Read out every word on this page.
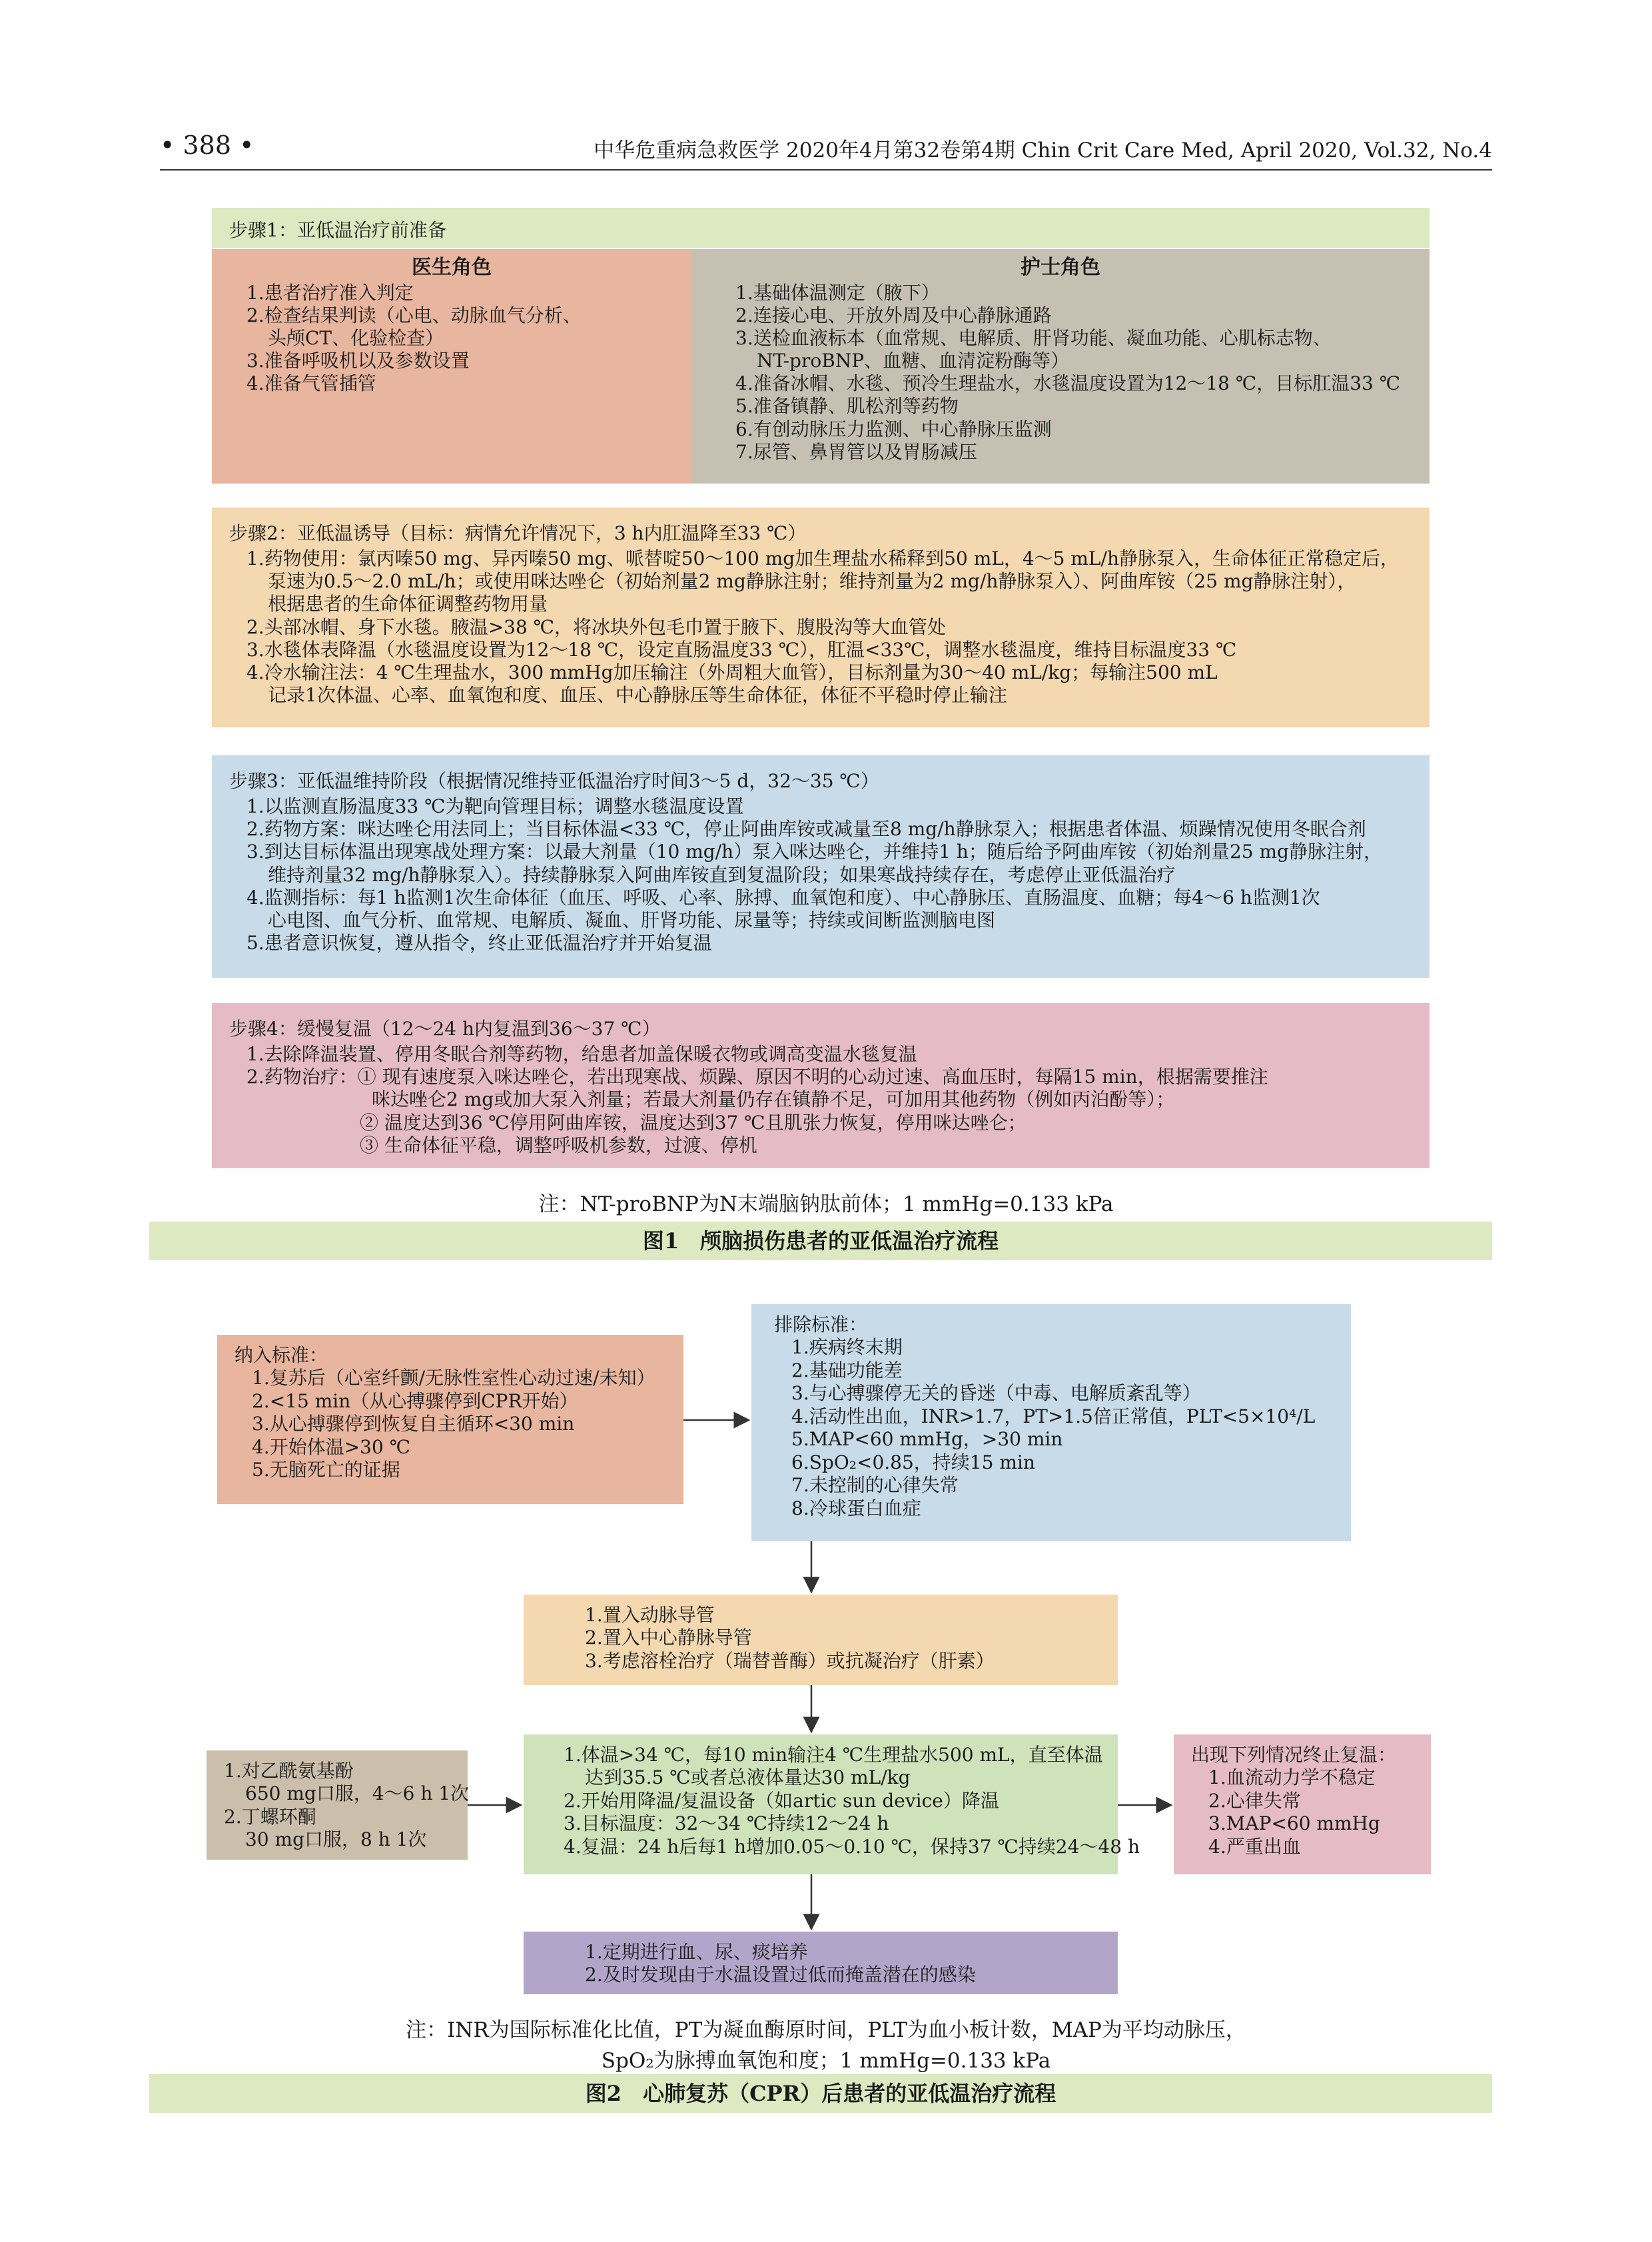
• 388 •	中华危重病急救医学 2020年4月第32卷第4期 Chin Crit Care Med, April 2020, Vol.32, No.4
步骤1：亚低温治疗前准备
医生角色
1.患者治疗准入判定
2.检查结果判读（心电、动脉血气分析、
头颅CT、化验检查）
3.准备呼吸机以及参数设置
4.准备气管插管
护士角色
1.基础体温测定（腋下）
2.连接心电、开放外周及中心静脉通路
3.送检血液标本（血常规、电解质、肝肾功能、凝血功能、心肌标志物、
NT-proBNP、血糖、血清淀粉酶等）
4.准备冰帽、水毯、预冷生理盐水，水毯温度设置为12～18 ℃，目标肛温33 ℃
5.准备镇静、肌松剂等药物
6.有创动脉压力监测、中心静脉压监测
7.尿管、鼻胃管以及胃肠减压
步骤2：亚低温诱导（目标：病情允许情况下，3 h内肛温降至33 ℃）
1.药物使用：氯丙嗪50 mg、异丙嗪50 mg、哌替啶50～100 mg加生理盐水稀释到50 mL，4～5 mL/h静脉泵入，生命体征正常稳定后，
泵速为0.5～2.0 mL/h；或使用咪达唑仑（初始剂量2 mg静脉注射；维持剂量为2 mg/h静脉泵入）、阿曲库铵（25 mg静脉注射），
根据患者的生命体征调整药物用量
2.头部冰帽、身下水毯。腋温>38 ℃，将冰块外包毛巾置于腋下、腹股沟等大血管处
3.水毯体表降温（水毯温度设置为12～18 ℃，设定直肠温度33 ℃），肛温<33℃，调整水毯温度，维持目标温度33 ℃
4.冷水输注法：4 ℃生理盐水，300 mmHg加压输注（外周粗大血管），目标剂量为30～40 mL/kg；每输注500 mL
记录1次体温、心率、血氧饱和度、血压、中心静脉压等生命体征，体征不平稳时停止输注
步骤3：亚低温维持阶段（根据情况维持亚低温治疗时间3～5 d，32～35 ℃）
1.以监测直肠温度33 ℃为靶向管理目标；调整水毯温度设置
2.药物方案：咪达唑仑用法同上；当目标体温<33 ℃，停止阿曲库铵或减量至8 mg/h静脉泵入；根据患者体温、烦躁情况使用冬眠合剂
3.到达目标体温出现寒战处理方案：以最大剂量（10 mg/h）泵入咪达唑仑，并维持1 h；随后给予阿曲库铵（初始剂量25 mg静脉注射，
维持剂量32 mg/h静脉泵入）。持续静脉泵入阿曲库铵直到复温阶段；如果寒战持续存在，考虑停止亚低温治疗
4.监测指标：每1 h监测1次生命体征（血压、呼吸、心率、脉搏、血氧饱和度）、中心静脉压、直肠温度、血糖；每4～6 h监测1次
心电图、血气分析、血常规、电解质、凝血、肝肾功能、尿量等；持续或间断监测脑电图
5.患者意识恢复，遵从指令，终止亚低温治疗并开始复温
步骤4：缓慢复温（12～24 h内复温到36～37 ℃）
1.去除降温装置、停用冬眠合剂等药物，给患者加盖保暖衣物或调高变温水毯复温
2.药物治疗：① 现有速度泵入咪达唑仑，若出现寒战、烦躁、原因不明的心动过速、高血压时，每隔15 min，根据需要推注
咪达唑仑2 mg或加大泵入剂量；若最大剂量仍存在镇静不足，可加用其他药物（例如丙泊酚等）；
② 温度达到36 ℃停用阿曲库铵，温度达到37 ℃且肌张力恢复，停用咪达唑仑；
③ 生命体征平稳，调整呼吸机参数，过渡、停机
注：NT-proBNP为N末端脑钠肽前体；1 mmHg=0.133 kPa
图1　颅脑损伤患者的亚低温治疗流程
纳入标准：
1.复苏后（心室纤颤/无脉性室性心动过速/未知）
2.<15 min（从心搏骤停到CPR开始）
3.从心搏骤停到恢复自主循环<30 min
4.开始体温>30 ℃
5.无脑死亡的证据
排除标准：
1.疾病终末期
2.基础功能差
3.与心搏骤停无关的昏迷（中毒、电解质紊乱等）
4.活动性出血，INR>1.7，PT>1.5倍正常值，PLT<5×10⁴/L
5.MAP<60 mmHg，>30 min
6.SpO₂<0.85，持续15 min
7.未控制的心律失常
8.冷球蛋白血症
1.置入动脉导管
2.置入中心静脉导管
3.考虑溶栓治疗（瑞替普酶）或抗凝治疗（肝素）
1.体温>34 ℃，每10 min输注4 ℃生理盐水500 mL，直至体温
达到35.5 ℃或者总液体量达30 mL/kg
2.开始用降温/复温设备（如artic sun device）降温
3.目标温度：32～34 ℃持续12～24 h
4.复温：24 h后每1 h增加0.05～0.10 ℃，保持37 ℃持续24～48 h
1.对乙酰氨基酚
650 mg口服，4～6 h 1次
2.丁螺环酮
30 mg口服，8 h 1次
出现下列情况终止复温：
1.血流动力学不稳定
2.心律失常
3.MAP<60 mmHg
4.严重出血
1.定期进行血、尿、痰培养
2.及时发现由于水温设置过低而掩盖潜在的感染
注：INR为国际标准化比值，PT为凝血酶原时间，PLT为血小板计数，MAP为平均动脉压，
SpO₂为脉搏血氧饱和度；1 mmHg=0.133 kPa
图2　心肺复苏（CPR）后患者的亚低温治疗流程
